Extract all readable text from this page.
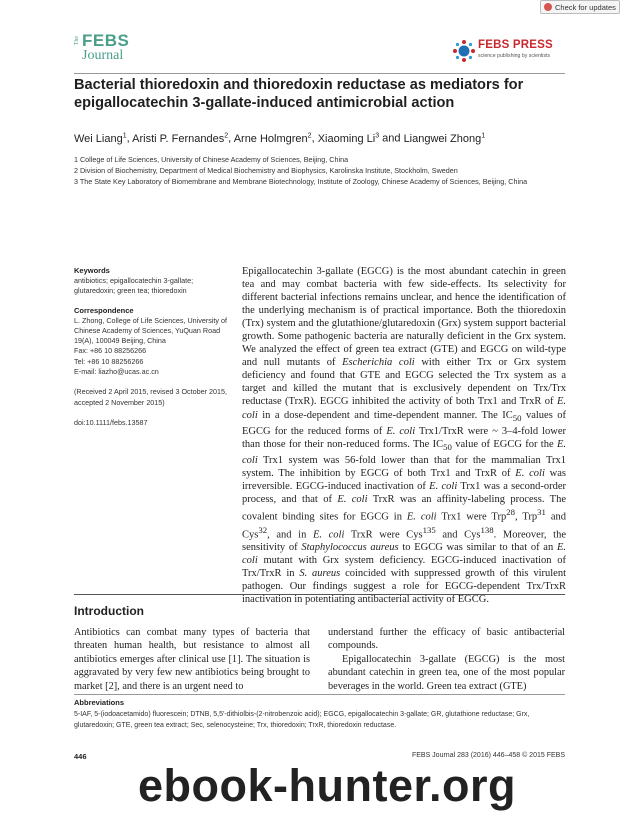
Check for updates
The FEBS
Journal
FEBS PRESS
science publishing by scientists
Bacterial thioredoxin and thioredoxin reductase as mediators for epigallocatechin 3-gallate-induced antimicrobial action
Wei Liang$^1$, Aristi P. Fernandes$^2$, Arne Holmgren$^2$, Xiaoming Li$^3$ and Liangwei Zhong$^1$
1 College of Life Sciences, University of Chinese Academy of Sciences, Beijing, China
2 Division of Biochemistry, Department of Medical Biochemistry and Biophysics, Karolinska Institute, Stockholm, Sweden
3 The State Key Laboratory of Biomembrane and Membrane Biotechnology, Institute of Zoology, Chinese Academy of Sciences, Beijing, China
Keywords
antibiotics; epigallocatechin 3-gallate; glutaredoxin; green tea; thioredoxin
Correspondence
L. Zhong, College of Life Sciences, University of Chinese Academy of Sciences, YuQuan Road 19(A), 100049 Beijing, China
Fax: +86 10 88256266
Tel: +86 10 88256266
E-mail: liazho@ucas.ac.cn
(Received 2 April 2015, revised 3 October 2015, accepted 2 November 2015)
doi:10.1111/febs.13587

Epigallocatechin 3-gallate (EGCG) is the most abundant catechin in green tea and may combat bacteria with few side-effects. Its selectivity for different bacterial infections remains unclear, and hence the identification of the underlying mechanism is of practical importance. Both the thioredoxin (Trx) system and the glutathione/glutaredoxin (Grx) system support bacterial growth. Some pathogenic bacteria are naturally deficient in the Grx system. We analyzed the effect of green tea extract (GTE) and EGCG on wild-type and null mutants of Escherichia coli with either Trx or Grx system deficiency and found that GTE and EGCG selected the Trx system as a target and killed the mutant that is exclusively dependent on Trx/Trx reductase (TrxR). EGCG inhibited the activity of both Trx1 and TrxR of E. coli in a dose-dependent and time-dependent manner. The $IC_{50}$ values of EGCG for the reduced forms of E. coli Trx1/TrxR were ~ 3–4-fold lower than those for their non-reduced forms. The $IC_{50}$ value of EGCG for the E. coli Trx1 system was 56-fold lower than that for the mammalian Trx1 system. The inhibition by EGCG of both Trx1 and TrxR of E. coli was irreversible. EGCG-induced inactivation of E. coli Trx1 was a second-order process, and that of E. coli TrxR was an affinity-labeling process. The covalent binding sites for EGCG in E. coli Trx1 were Trp$^{28}$, Trp$^{31}$ and Cys$^{32}$, and in E. coli TrxR were Cys$^{135}$ and Cys$^{138}$. Moreover, the sensitivity of Staphylococcus aureus to EGCG was similar to that of an E. coli mutant with Grx system deficiency. EGCG-induced inactivation of Trx/TrxR in S. aureus coincided with suppressed growth of this virulent pathogen. Our findings suggest a role for EGCG-dependent Trx/TrxR inactivation in potentiating antibacterial activity of EGCG.

Introduction
Antibiotics can combat many types of bacteria that threaten human health, but resistance to almost all antibiotics emerges after clinical use [1]. The situation is aggravated by very few new antibiotics being brought to market [2], and there is an urgent need to
understand further the efficacy of basic antibacterial compounds.
Epigallocatechin 3-gallate (EGCG) is the most abundant catechin in green tea, one of the most popular beverages in the world. Green tea extract (GTE)
Abbreviations
5-IAF, 5-(iodoacetamido) fluorescein; DTNB, 5,5′-dithiolbis-(2-nitrobenzoic acid); EGCG, epigallocatechin 3-gallate; GR, glutathione reductase; Grx, glutaredoxin; GTE, green tea extract; Sec, selenocysteine; Trx, thioredoxin; TrxR, thioredoxin reductase.
446	FEBS Journal 283 (2016) 446–458 © 2015 FEBS
ebook-hunter.org
